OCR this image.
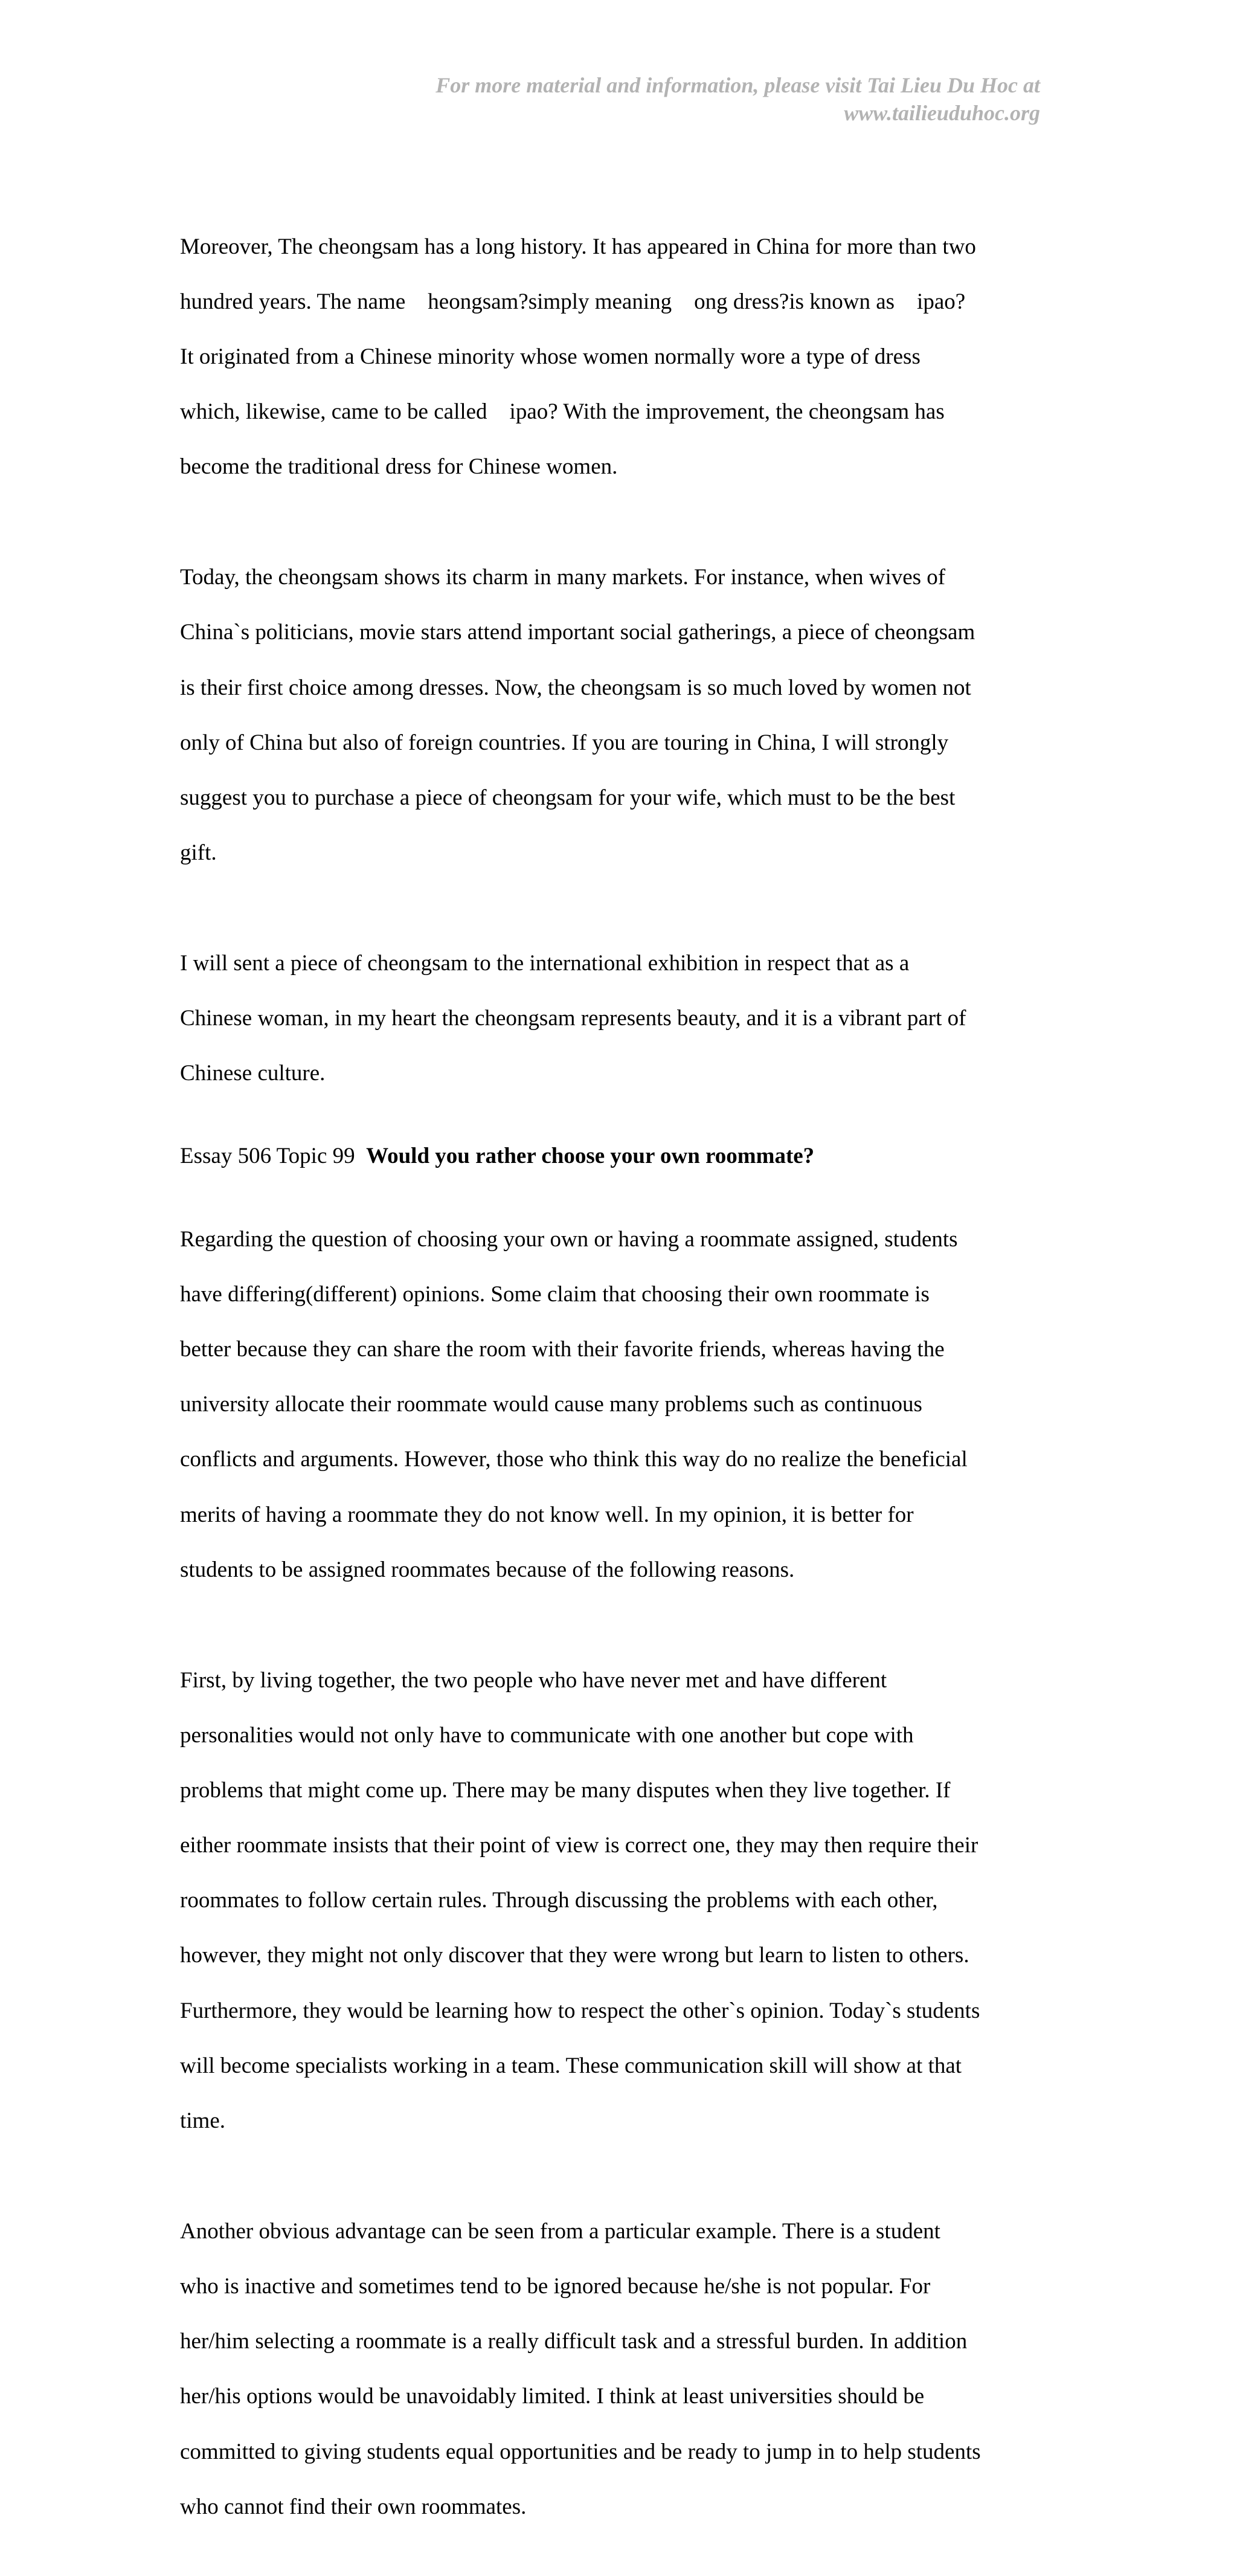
For more material and information, please visit Tai Lieu Du Hoc at
www.tailieuduhoc.org

Moreover, The cheongsam has a long history. It has appeared in China for more than two

hundred years. The name    heongsam?simply meaning    ong dress?is known as    ipao?

It originated from a Chinese minority whose women normally wore a type of dress

which, likewise, came to be called    ipao? With the improvement, the cheongsam has

become the traditional dress for Chinese women.

Today, the cheongsam shows its charm in many markets. For instance, when wives of

China`s politicians, movie stars attend important social gatherings, a piece of cheongsam

is their first choice among dresses. Now, the cheongsam is so much loved by women not

only of China but also of foreign countries. If you are touring in China, I will strongly

suggest you to purchase a piece of cheongsam for your wife, which must to be the best

gift.

I will sent a piece of cheongsam to the international exhibition in respect that as a

Chinese woman, in my heart the cheongsam represents beauty, and it is a vibrant part of

Chinese culture.

Essay 506 Topic 99  Would you rather choose your own roommate?

Regarding the question of choosing your own or having a roommate assigned, students

have differing(different) opinions. Some claim that choosing their own roommate is

better because they can share the room with their favorite friends, whereas having the

university allocate their roommate would cause many problems such as continuous

conflicts and arguments. However, those who think this way do no realize the beneficial

merits of having a roommate they do not know well. In my opinion, it is better for

students to be assigned roommates because of the following reasons.

First, by living together, the two people who have never met and have different

personalities would not only have to communicate with one another but cope with

problems that might come up. There may be many disputes when they live together. If

either roommate insists that their point of view is correct one, they may then require their

roommates to follow certain rules. Through discussing the problems with each other,

however, they might not only discover that they were wrong but learn to listen to others.

Furthermore, they would be learning how to respect the other`s opinion. Today`s students

will become specialists working in a team. These communication skill will show at that

time.

Another obvious advantage can be seen from a particular example. There is a student

who is inactive and sometimes tend to be ignored because he/she is not popular. For

her/him selecting a roommate is a really difficult task and a stressful burden. In addition

her/his options would be unavoidably limited. I think at least universities should be

committed to giving students equal opportunities and be ready to jump in to help students

who cannot find their own roommates.
